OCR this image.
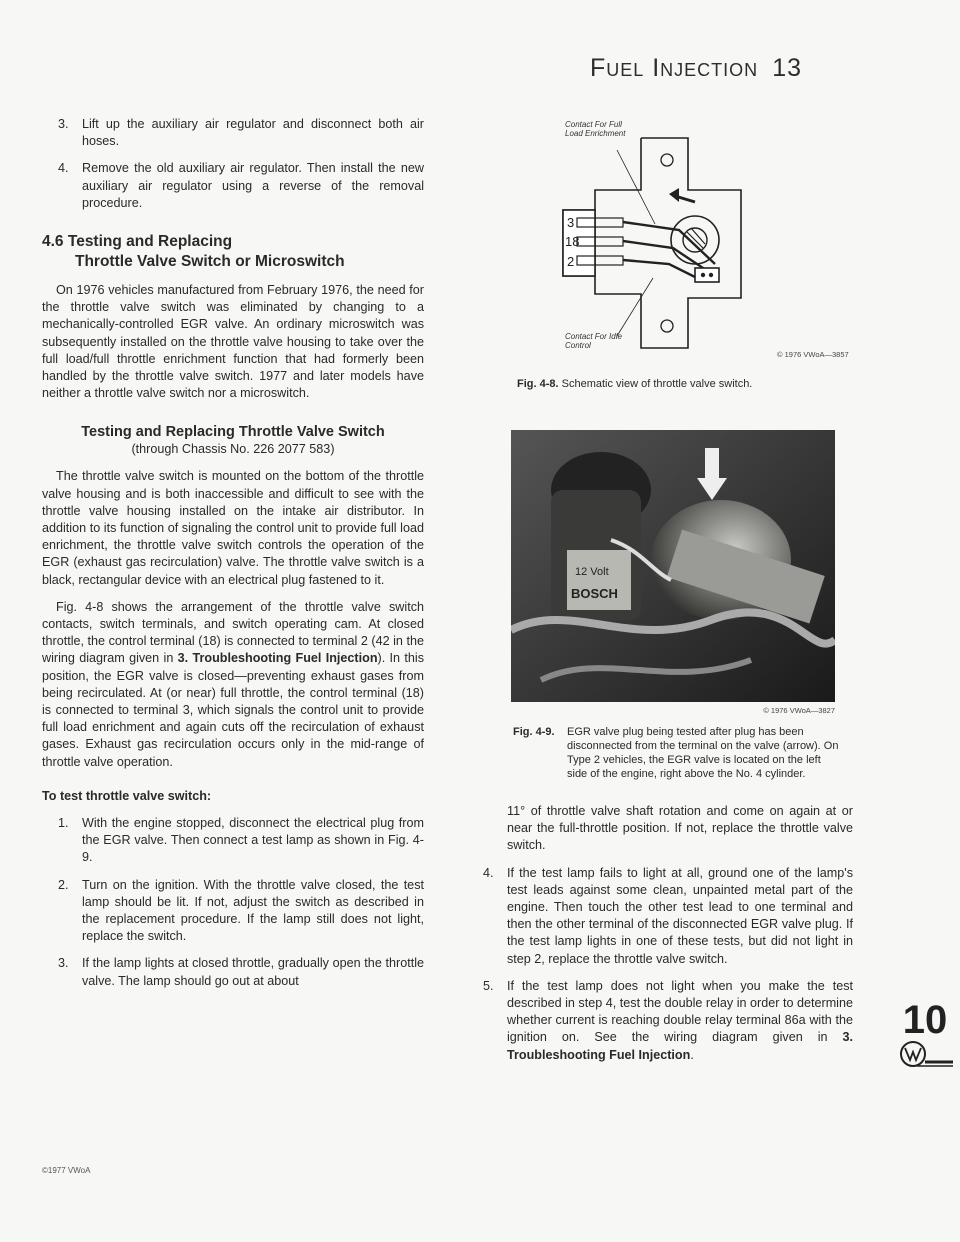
Fuel Injection 13
3.	Lift up the auxiliary air regulator and disconnect both air hoses.
4.	Remove the old auxiliary air regulator. Then install the new auxiliary air regulator using a reverse of the removal procedure.
4.6 Testing and Replacing
Throttle Valve Switch or Microswitch

On 1976 vehicles manufactured from February 1976, the need for the throttle valve switch was eliminated by changing to a mechanically-controlled EGR valve. An ordinary microswitch was subsequently installed on the throttle valve housing to take over the full load/full throttle enrichment function that had formerly been handled by the throttle valve switch. 1977 and later models have neither a throttle valve switch nor a microswitch.

Testing and Replacing Throttle Valve Switch
(through Chassis No. 226 2077 583)

The throttle valve switch is mounted on the bottom of the throttle valve housing and is both inaccessible and difficult to see with the throttle valve housing installed on the intake air distributor. In addition to its function of signaling the control unit to provide full load enrichment, the throttle valve switch controls the operation of the EGR (exhaust gas recirculation) valve. The throttle valve switch is a black, rectangular device with an electrical plug fastened to it.

Fig. 4-8 shows the arrangement of the throttle valve switch contacts, switch terminals, and switch operating cam. At closed throttle, the control terminal (18) is connected to terminal 2 (42 in the wiring diagram given in 3. Troubleshooting Fuel Injection). In this position, the EGR valve is closed—preventing exhaust gases from being recirculated. At (or near) full throttle, the control terminal (18) is connected to terminal 3, which signals the control unit to provide full load enrichment and again cuts off the recirculation of exhaust gases. Exhaust gas recirculation occurs only in the mid-range of throttle valve operation.

To test throttle valve switch:
1.	With the engine stopped, disconnect the electrical plug from the EGR valve. Then connect a test lamp as shown in Fig. 4-9.
2.	Turn on the ignition. With the throttle valve closed, the test lamp should be lit. If not, adjust the switch as described in the replacement procedure. If the lamp still does not light, replace the switch.
3.	If the lamp lights at closed throttle, gradually open the throttle valve. The lamp should go out at about
©1977 VWoA
3
18
2
Contact For Full Load Enrichment
Contact For Idle Control
© 1976 VWoA—3857
Fig. 4-8. Schematic view of throttle valve switch.
12 Volt
BOSCH
© 1976 VWoA—3827
Fig. 4-9.	EGR valve plug being tested after plug has been disconnected from the terminal on the valve (arrow). On Type 2 vehicles, the EGR valve is located on the left side of the engine, right above the No. 4 cylinder.

11° of throttle valve shaft rotation and come on again at or near the full-throttle position. If not, replace the throttle valve switch.

4.	If the test lamp fails to light at all, ground one of the lamp's test leads against some clean, unpainted metal part of the engine. Then touch the other test lead to one terminal and then the other terminal of the disconnected EGR valve plug. If the test lamp lights in one of these tests, but did not light in step 2, replace the throttle valve switch.
5.	If the test lamp does not light when you make the test described in step 4, test the double relay in order to determine whether current is reaching double relay terminal 86a with the ignition on. See the wiring diagram given in 3. Troubleshooting Fuel Injection.
10
